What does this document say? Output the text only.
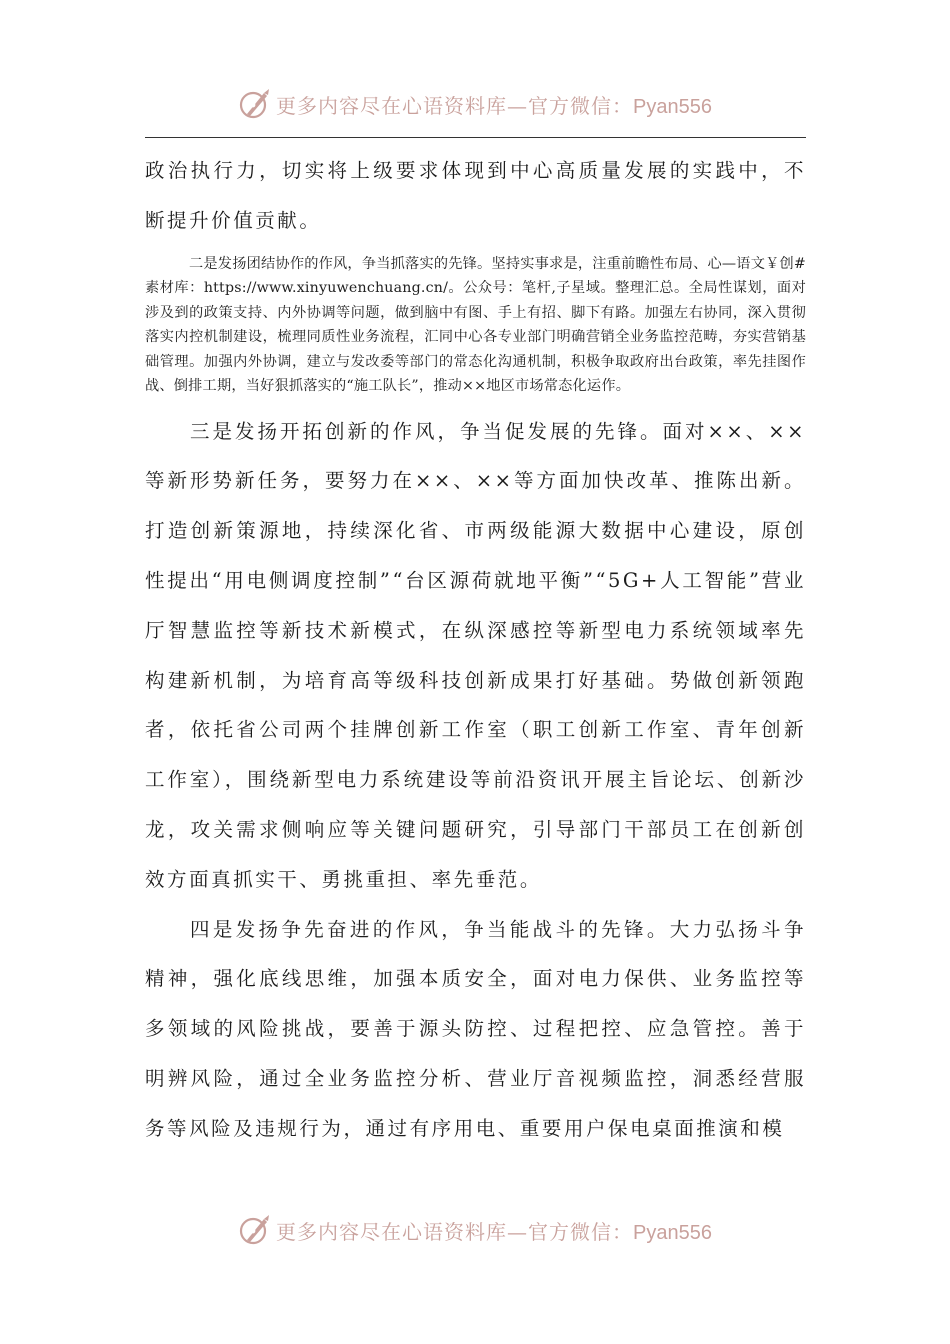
更多内容尽在心语资料库—官方微信：Pyan556

政治执行力，切实将上级要求体现到中心高质量发展的实践中，不断提升价值贡献。

二是发扬团结协作的作风，争当抓落实的先锋。坚持实事求是，注重前瞻性布局、心—语文￥创#素材库：https://www.xinyuwenchuang.cn/。公众号：笔杆,子星域。整理汇总。全局性谋划，面对涉及到的政策支持、内外协调等问题，做到脑中有图、手上有招、脚下有路。加强左右协同，深入贯彻落实内控机制建设，梳理同质性业务流程，汇同中心各专业部门明确营销全业务监控范畴，夯实营销基础管理。加强内外协调，建立与发改委等部门的常态化沟通机制，积极争取政府出台政策，率先挂图作战、倒排工期，当好狠抓落实的“施工队长”，推动××地区市场常态化运作。

三是发扬开拓创新的作风，争当促发展的先锋。面对××、××等新形势新任务，要努力在××、××等方面加快改革、推陈出新。打造创新策源地，持续深化省、市两级能源大数据中心建设，原创性提出“用电侧调度控制”“台区源荷就地平衡”“5G+人工智能”营业厅智慧监控等新技术新模式，在纵深感控等新型电力系统领域率先构建新机制，为培育高等级科技创新成果打好基础。势做创新领跑者，依托省公司两个挂牌创新工作室（职工创新工作室、青年创新工作室），围绕新型电力系统建设等前沿资讯开展主旨论坛、创新沙龙，攻关需求侧响应等关键问题研究，引导部门干部员工在创新创效方面真抓实干、勇挑重担、率先垂范。

四是发扬争先奋进的作风，争当能战斗的先锋。大力弘扬斗争精神，强化底线思维，加强本质安全，面对电力保供、业务监控等多领域的风险挑战，要善于源头防控、过程把控、应急管控。善于明辨风险，通过全业务监控分析、营业厅音视频监控，洞悉经营服务等风险及违规行为，通过有序用电、重要用户保电桌面推演和模

更多内容尽在心语资料库—官方微信：Pyan556
